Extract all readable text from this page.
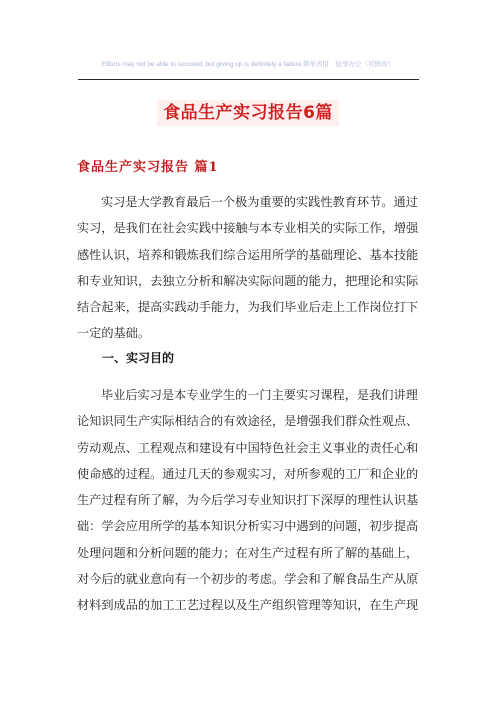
Efforts may not be able to succeed, but giving up is definitely a failure.简单省用　轻享办公（可修改）
食品生产实习报告6篇
食品生产实习报告 篇1
实习是大学教育最后一个极为重要的实践性教育环节。通过
实习，是我们在社会实践中接触与本专业相关的实际工作，增强
感性认识，培养和锻炼我们综合运用所学的基础理论、基本技能
和专业知识，去独立分析和解决实际问题的能力，把理论和实际
结合起来，提高实践动手能力，为我们毕业后走上工作岗位打下
一定的基础。
一、实习目的
毕业后实习是本专业学生的一门主要实习课程，是我们讲理
论知识同生产实际相结合的有效途径，是增强我们群众性观点、
劳动观点、工程观点和建设有中国特色社会主义事业的责任心和
使命感的过程。通过几天的参观实习，对所参观的工厂和企业的
生产过程有所了解，为今后学习专业知识打下深厚的理性认识基
础：学会应用所学的基本知识分析实习中遇到的问题，初步提高
处理问题和分析问题的能力；在对生产过程有所了解的基础上，
对今后的就业意向有一个初步的考虑。学会和了解食品生产从原
材料到成品的加工工艺过程以及生产组织管理等知识，在生产现
